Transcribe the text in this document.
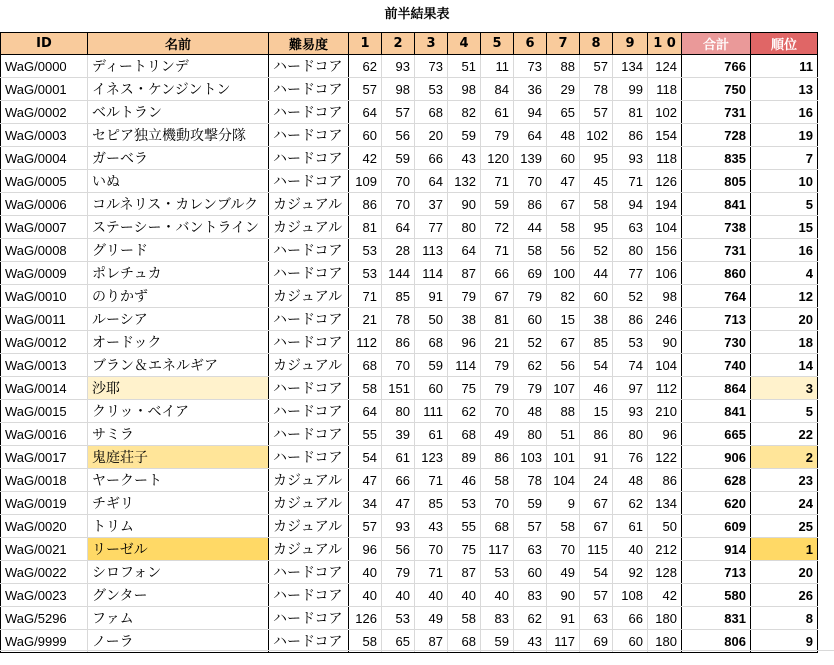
前半結果表
ID	名前	難易度	1	2	3	4	5	6	7	8	9	1 0	合計	順位
WaG/0000	ディートリンデ	ハードコア	62	93	73	51	11	73	88	57	134	124	766	11
WaG/0001	イネス・ケンジントン	ハードコア	57	98	53	98	84	36	29	78	99	118	750	13
WaG/0002	ベルトラン	ハードコア	64	57	68	82	61	94	65	57	81	102	731	16
WaG/0003	セピア独立機動攻撃分隊	ハードコア	60	56	20	59	79	64	48	102	86	154	728	19
WaG/0004	ガーベラ	ハードコア	42	59	66	43	120	139	60	95	93	118	835	7
WaG/0005	いぬ	ハードコア	109	70	64	132	71	70	47	45	71	126	805	10
WaG/0006	コルネリス・カレンブルク	カジュアル	86	70	37	90	59	86	67	58	94	194	841	5
WaG/0007	ステーシー・バントライン	カジュアル	81	64	77	80	72	44	58	95	63	104	738	15
WaG/0008	グリード	ハードコア	53	28	113	64	71	58	56	52	80	156	731	16
WaG/0009	ポレチュカ	ハードコア	53	144	114	87	66	69	100	44	77	106	860	4
WaG/0010	のりかず	カジュアル	71	85	91	79	67	79	82	60	52	98	764	12
WaG/0011	ルーシア	ハードコア	21	78	50	38	81	60	15	38	86	246	713	20
WaG/0012	オードック	ハードコア	112	86	68	96	21	52	67	85	53	90	730	18
WaG/0013	ブラン＆エネルギア	カジュアル	68	70	59	114	79	62	56	54	74	104	740	14
WaG/0014	沙耶	ハードコア	58	151	60	75	79	79	107	46	97	112	864	3
WaG/0015	クリッ・ベイア	ハードコア	64	80	111	62	70	48	88	15	93	210	841	5
WaG/0016	サミラ	ハードコア	55	39	61	68	49	80	51	86	80	96	665	22
WaG/0017	鬼庭荘子	ハードコア	54	61	123	89	86	103	101	91	76	122	906	2
WaG/0018	ヤークート	カジュアル	47	66	71	46	58	78	104	24	48	86	628	23
WaG/0019	チギリ	カジュアル	34	47	85	53	70	59	9	67	62	134	620	24
WaG/0020	トリム	カジュアル	57	93	43	55	68	57	58	67	61	50	609	25
WaG/0021	リーゼル	カジュアル	96	56	70	75	117	63	70	115	40	212	914	1
WaG/0022	シロフォン	ハードコア	40	79	71	87	53	60	49	54	92	128	713	20
WaG/0023	グンター	ハードコア	40	40	40	40	40	83	90	57	108	42	580	26
WaG/5296	ファム	ハードコア	126	53	49	58	83	62	91	63	66	180	831	8
WaG/9999	ノーラ	ハードコア	58	65	87	68	59	43	117	69	60	180	806	9
